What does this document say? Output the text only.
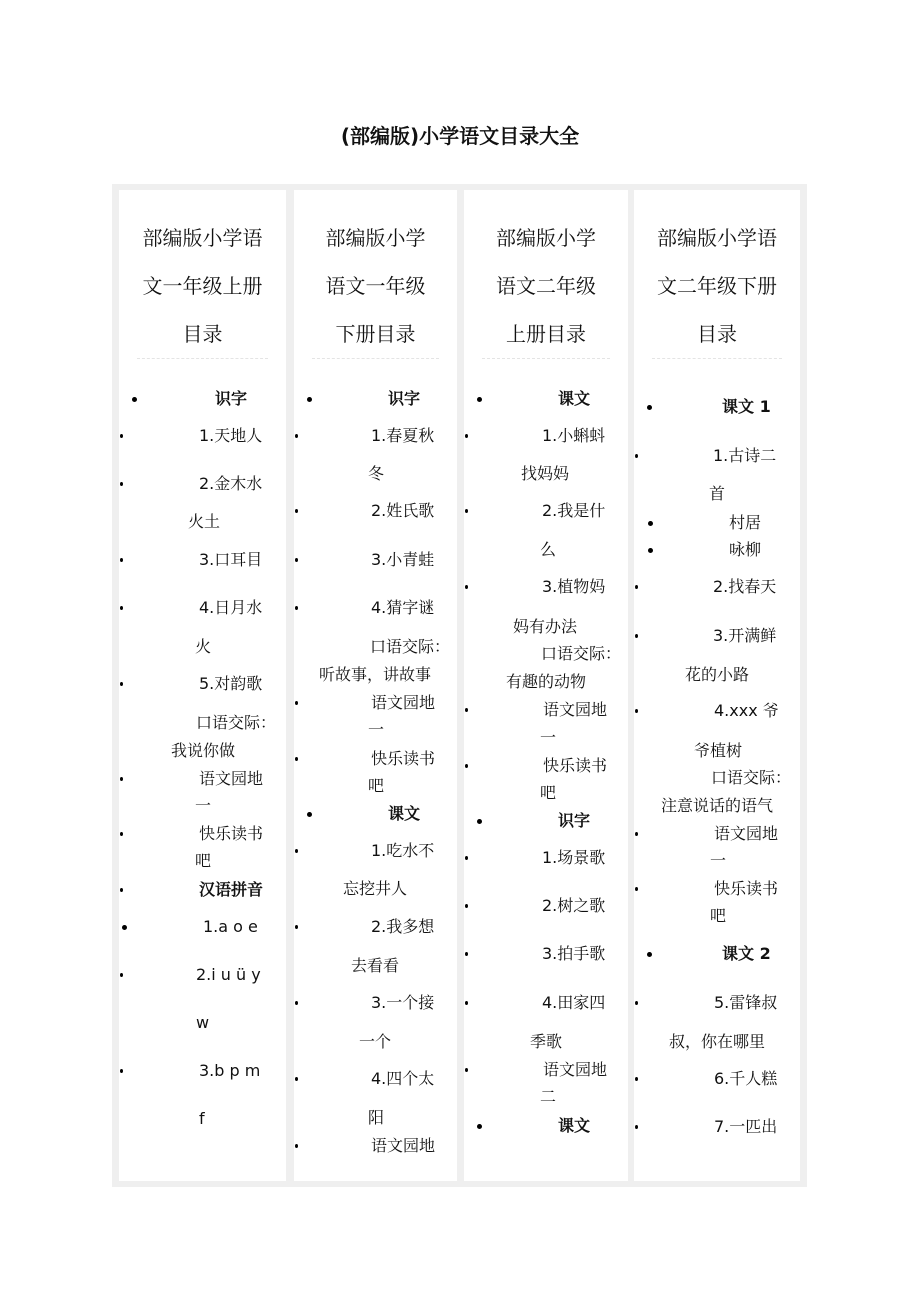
(部编版)小学语文目录大全
部编版小学语
文一年级上册
目录
识字
1.天地人
2.金木水
火土
3.口耳目
4.日月水
火
5.对韵歌
口语交际：
我说你做
语文园地
一
快乐读书
吧
汉语拼音
1.a o e
2.i u ü y
w
3.b p m
f
部编版小学
语文一年级
下册目录
识字
1.春夏秋
冬
2.姓氏歌
3.小青蛙
4.猜字谜
口语交际：
听故事，讲故事
语文园地
一
快乐读书
吧
课文
1.吃水不
忘挖井人
2.我多想
去看看
3.一个接
一个
4.四个太
阳
语文园地
部编版小学
语文二年级
上册目录
课文
1.小蝌蚪
找妈妈
2.我是什
么
3.植物妈
妈有办法
口语交际：
有趣的动物
语文园地
一
快乐读书
吧
识字
1.场景歌
2.树之歌
3.拍手歌
4.田家四
季歌
语文园地
二
课文
部编版小学语
文二年级下册
目录
课文 1
1.古诗二
首
村居
咏柳
2.找春天
3.开满鲜
花的小路
4.xxx 爷
爷植树
口语交际：
注意说话的语气
语文园地
一
快乐读书
吧
课文 2
5.雷锋叔
叔，你在哪里
6.千人糕
7.一匹出
